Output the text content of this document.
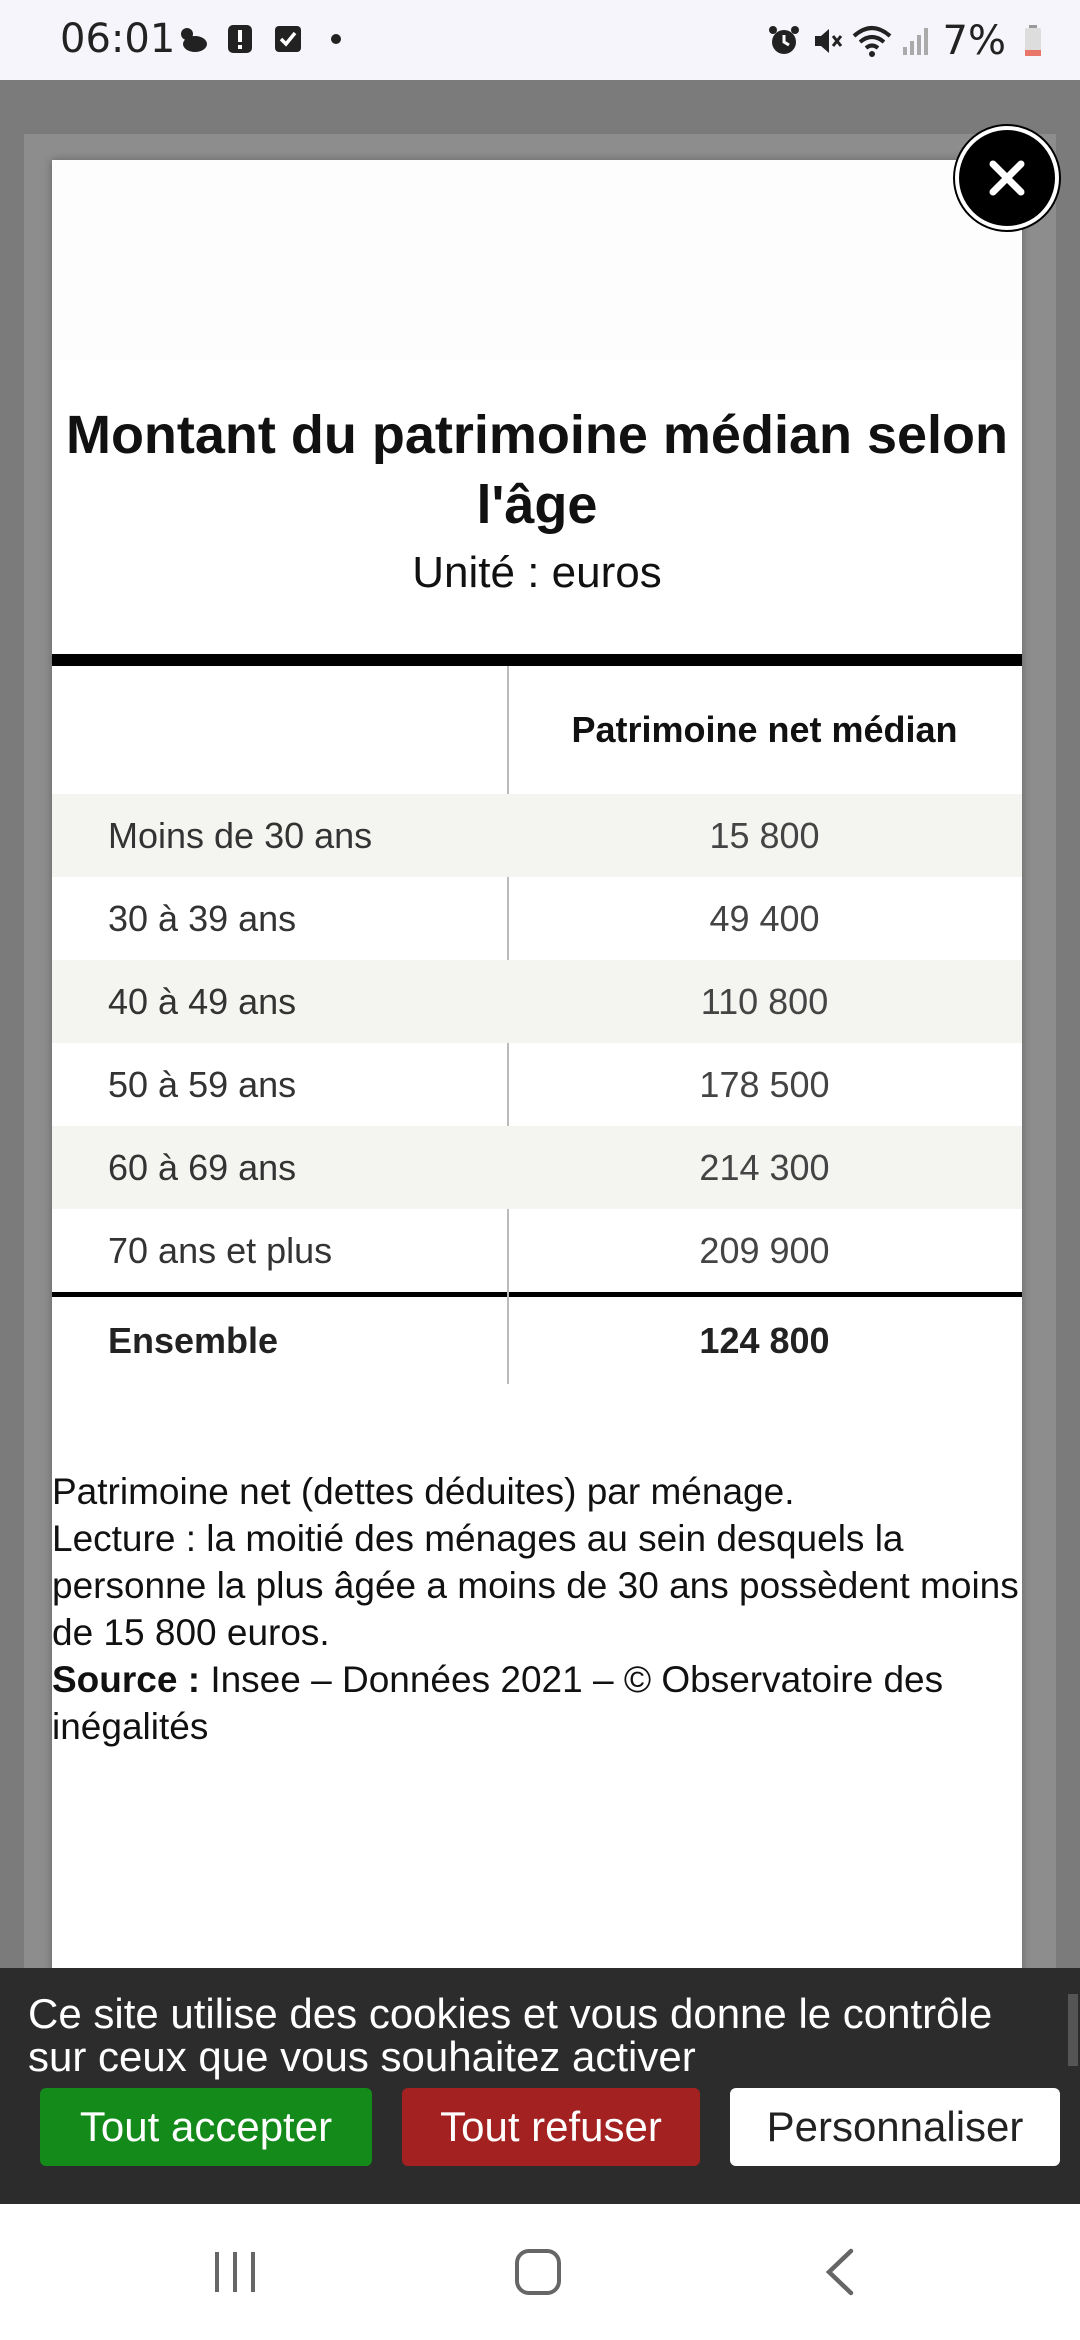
06:01	7%
Montant du patrimoine médian selon l'âge
Unité : euros
Patrimoine net médian
Moins de 30 ans	15 800
30 à 39 ans	49 400
40 à 49 ans	110 800
50 à 59 ans	178 500
60 à 69 ans	214 300
70 ans et plus	209 900
Ensemble	124 800
Patrimoine net (dettes déduites) par ménage.
Lecture : la moitié des ménages au sein desquels la personne la plus âgée a moins de 30 ans possèdent moins de 15 800 euros.
Source : Insee – Données 2021 – © Observatoire des inégalités
Ce site utilise des cookies et vous donne le contrôle sur ceux que vous souhaitez activer
Tout accepter	Tout refuser	Personnaliser
